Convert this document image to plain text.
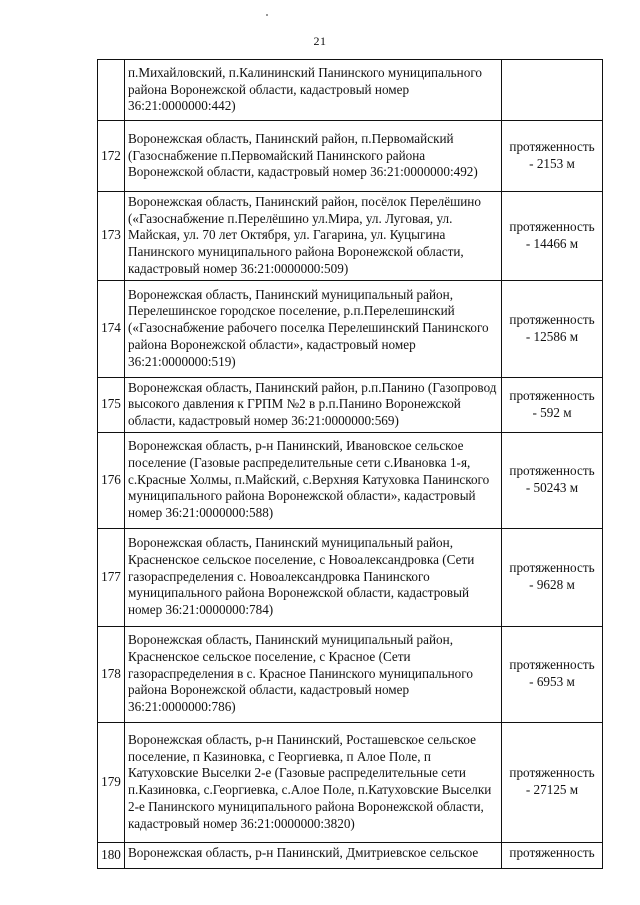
21
	п.Михайловский, п.Калининский Панинского муниципального района Воронежской области, кадастровый номер 36:21:0000000:442)	

172	Воронежская область, Панинский район, п.Первомайский (Газоснабжение п.Первомайский Панинского района Воронежской области, кадастровый номер 36:21:0000000:492)	протяженность
- 2153 м

173	Воронежская область, Панинский район, посёлок Перелёшино («Газоснабжение п.Перелёшино ул.Мира, ул. Луговая, ул. Майская, ул. 70 лет Октября, ул. Гагарина, ул. Куцыгина Панинского муниципального района Воронежской области, кадастровый номер 36:21:0000000:509)	протяженность
- 14466 м

174	Воронежская область, Панинский муниципальный район, Перелешинское городское поселение, р.п.Перелешинский («Газоснабжение рабочего поселка Перелешинский Панинского района Воронежской области», кадастровый номер 36:21:0000000:519)	протяженность
- 12586 м

175	Воронежская область, Панинский район, р.п.Панино (Газопровод высокого давления к ГРПМ №2 в р.п.Панино Воронежской области, кадастровый номер 36:21:0000000:569)	протяженность
- 592 м

176	Воронежская область, р-н Панинский, Ивановское сельское поселение (Газовые распределительные сети с.Ивановка 1-я, с.Красные Холмы, п.Майский, с.Верхняя Катуховка Панинского муниципального района Воронежской области», кадастровый номер 36:21:0000000:588)	протяженность
- 50243 м

177	Воронежская область, Панинский муниципальный район, Красненское сельское поселение, с Новоалександровка (Сети газораспределения с. Новоалександровка Панинского муниципального района Воронежской области, кадастровый номер 36:21:0000000:784)	протяженность
- 9628 м

178	Воронежская область, Панинский муниципальный район, Красненское сельское поселение, с Красное (Сети газораспределения в с. Красное Панинского муниципального района Воронежской области, кадастровый номер 36:21:0000000:786)	протяженность
- 6953 м

179	Воронежская область, р-н Панинский, Росташевское сельское поселение, п Казиновка, с Георгиевка, п Алое Поле, п Катуховские Выселки 2-е (Газовые распределительные сети п.Казиновка, с.Георгиевка, с.Алое Поле, п.Катуховские Выселки 2-е Панинского муниципального района Воронежской области, кадастровый номер 36:21:0000000:3820)	протяженность
- 27125 м

180	Воронежская область, р-н Панинский, Дмитриевское сельское	протяженность
